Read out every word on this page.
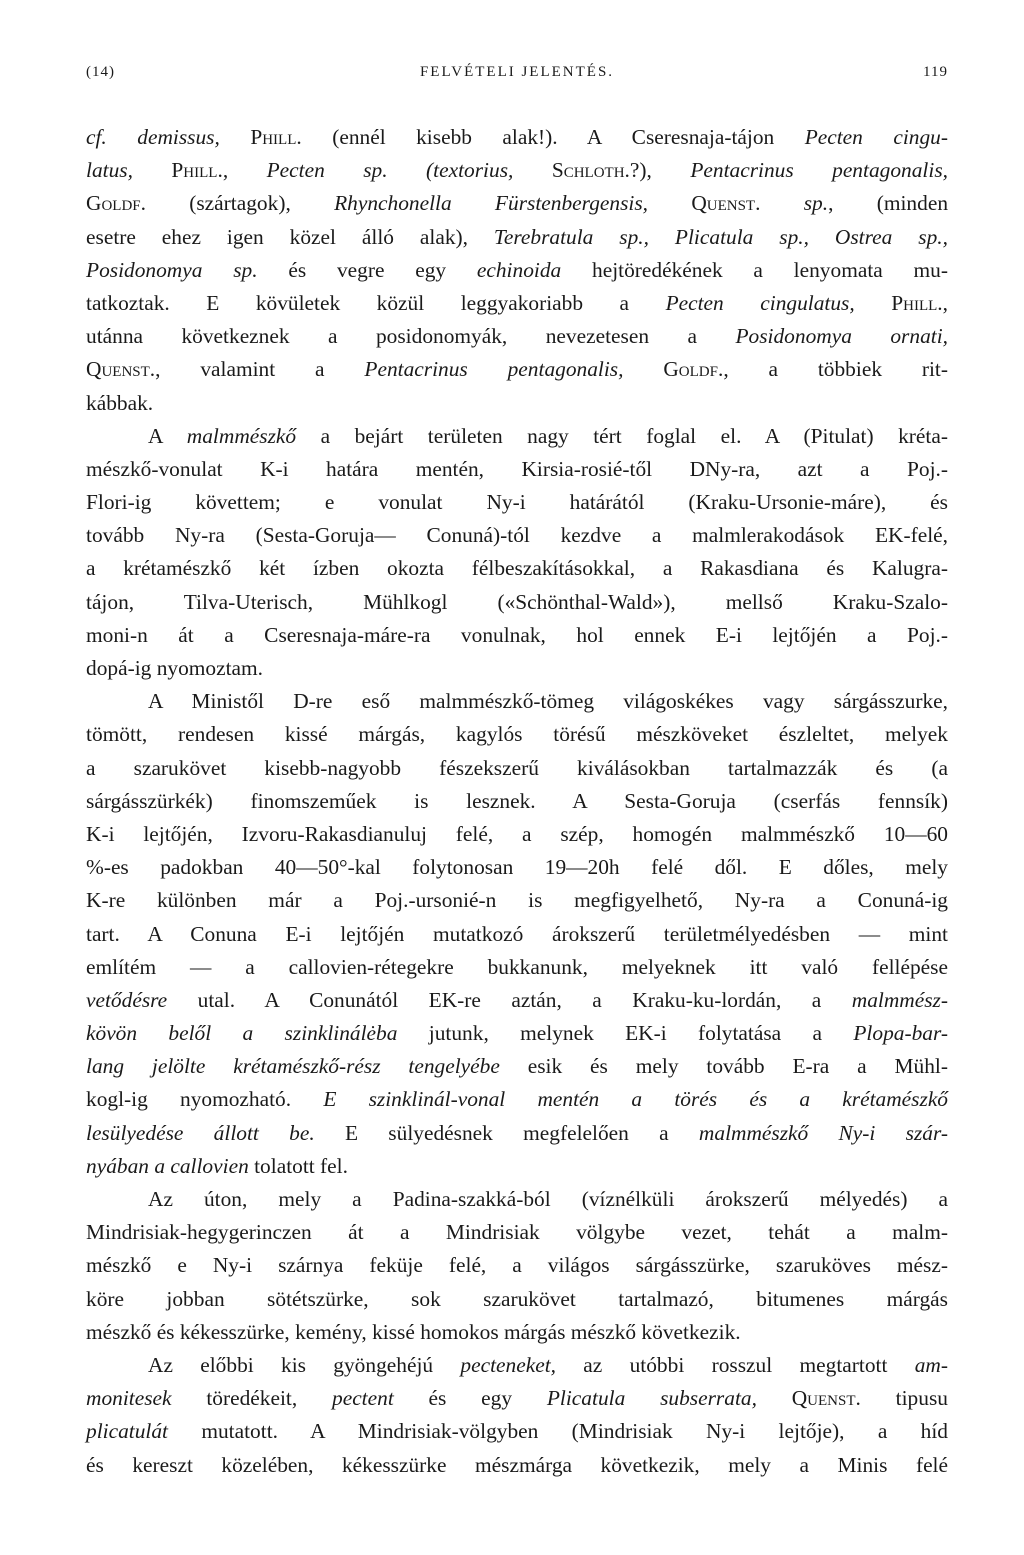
(14)	FELVÉTELI JELENTÉS.	119
cf. demissus, Phill. (ennél kisebb alak!). A Cseresnaja-tájon Pecten cingu-
latus, Phill., Pecten sp. (textorius, Schloth.?), Pentacrinus pentagonalis,
Goldf. (szártagok), Rhynchonella Fürstenbergensis, Quenst. sp., (minden
esetre ehez igen közel álló alak), Terebratula sp., Plicatula sp., Ostrea sp.,
Posidonomya sp. és vegre egy echinoida hejtöredékének a lenyomata mu-
tatkoztak. E kövületek közül leggyakoriabb a Pecten cingulatus, Phill.,
utánna következnek a posidonomyák, nevezetesen a Posidonomya ornati,
Quenst., valamint a Pentacrinus pentagonalis, Goldf., a többiek rit-
kábbak.
A malmmészkő a bejárt területen nagy tért foglal el. A (Pitulat) kréta-
mészkő-vonulat K-i határa mentén, Kirsia-rosié-től DNy-ra, azt a Poj.-
Flori-ig követtem; e vonulat Ny-i határától (Kraku-Ursonie-máre), és
tovább Ny-ra (Sesta-Goruja— Conuná)-tól kezdve a malmlerakodások EK-felé,
a krétamészkő két ízben okozta félbeszakításokkal, a Rakasdiana és Kalugra-
tájon, Tilva-Uterisch, Mühlkogl («Schönthal-Wald»), mellső Kraku-Szalo-
moni-n át a Cseresnaja-máre-ra vonulnak, hol ennek E-i lejtőjén a Poj.-
dopá-ig nyomoztam.
A Ministől D-re eső malmmészkő-tömeg világoskékes vagy sárgásszurke,
tömött, rendesen kissé márgás, kagylós törésű mészköveket észleltet, melyek
a szarukövet kisebb-nagyobb fészekszerű kiválásokban tartalmazzák és (a
sárgásszürkék) finomszeműek is lesznek. A Sesta-Goruja (cserfás fennsík)
K-i lejtőjén, Izvoru-Rakasdianuluj felé, a szép, homogén malmmészkő 10—60
%-es padokban 40—50°-kal folytonosan 19—20h felé dől. E dőles, mely
K-re különben már a Poj.-ursonié-n is megfigyelhető, Ny-ra a Conuná-ig
tart. A Conuna E-i lejtőjén mutatkozó árokszerű területmélyedésben — mint
említém — a callovien-rétegekre bukkanunk, melyeknek itt való fellépése
vetődésre utal. A Conunától EK-re aztán, a Kraku-ku-lordán, a malmmész-
kövön belől a szinklinálėba jutunk, melynek EK-i folytatása a Plopa-bar-
lang jelölte krétamészkő-rész tengelyébe esik és mely tovább E-ra a Mühl-
kogl-ig nyomozható. E szinklinál-vonal mentén a törés és a krétamészkő
lesülyedése állott be. E sülyedésnek megfelelően a malmmészkő Ny-i szár-
nyában a callovien tolatott fel.
Az úton, mely a Padina-szakká-ból (víznélküli árokszerű mélyedés) a
Mindrisiak-hegygerinczen át a Mindrisiak völgybe vezet, tehát a malm-
mészkő e Ny-i szárnya feküje felé, a világos sárgásszürke, szaruköves mész-
köre jobban sötétszürke, sok szarukövet tartalmazó, bitumenes márgás
mészkő és kékesszürke, kemény, kissé homokos márgás mészkő következik.
Az előbbi kis gyöngehéjú pecteneket, az utóbbi rosszul megtartott am-
monitesek töredékeit, pectent és egy Plicatula subserrata, Quenst. tipusu
plicatulát mutatott. A Mindrisiak-völgyben (Mindrisiak Ny-i lejtője), a híd
és kereszt közelében, kékesszürke mészmárga következik, mely a Minis felé
